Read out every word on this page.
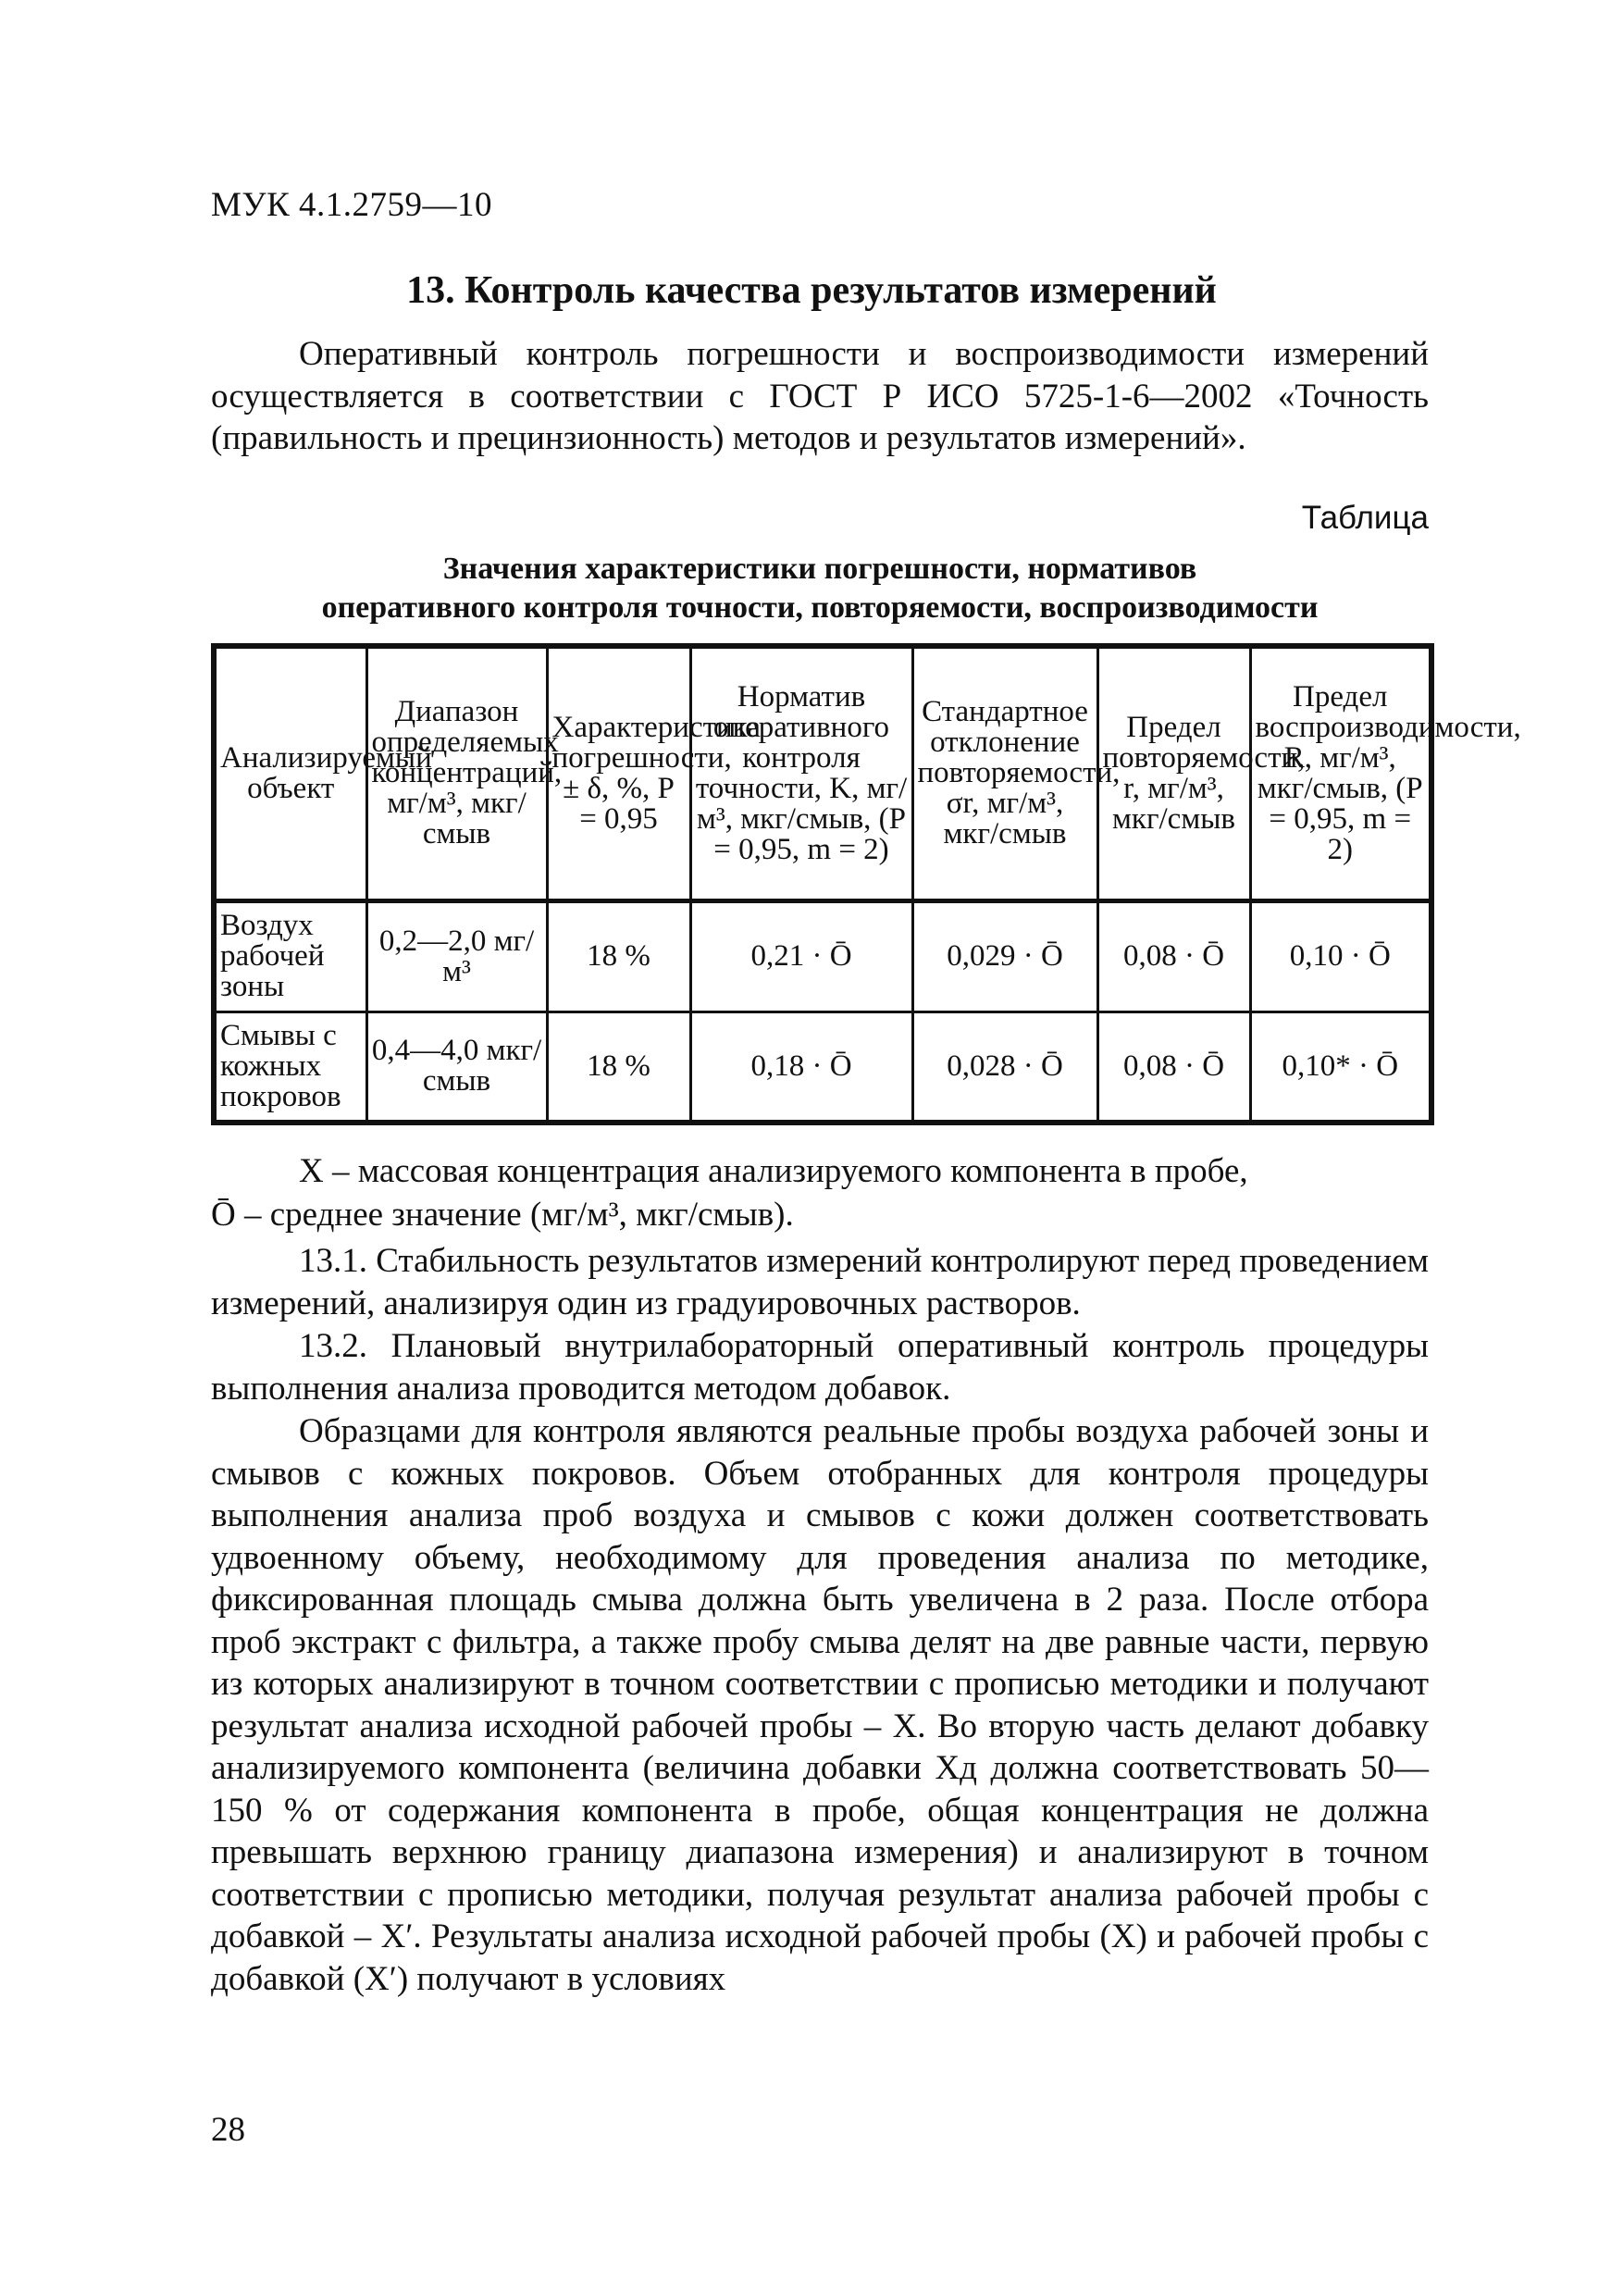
МУК 4.1.2759—10
13. Контроль качества результатов измерений
Оперативный контроль погрешности и воспроизводимости измерений осуществляется в соответствии с ГОСТ Р ИСО 5725-1-6—2002 «Точность (правильность и прецинзионность) методов и результатов измерений».
Таблица
Значения характеристики погрешности, нормативов
оперативного контроля точности, повторяемости, воспроизводимости
Анализируемый объект	Диапазон определяемых концентраций, мг/м³, мкг/смыв	Характеристика погрешности, ± δ, %, P = 0,95	Норматив оперативного контроля точности, K, мг/м³, мкг/смыв, (P = 0,95, m = 2)	Стандартное отклонение повторяемости, σr, мг/м³, мкг/смыв	Предел повторяемости, r, мг/м³, мкг/смыв	Предел воспроизводимости, R, мг/м³, мкг/смыв, (P = 0,95, m = 2)
Воздух рабочей зоны	0,2—2,0 мг/м³	18 %	0,21 · Ō	0,029 · Ō	0,08 · Ō	0,10 · Ō
Смывы с кожных покровов	0,4—4,0 мкг/смыв	18 %	0,18 · Ō	0,028 · Ō	0,08 · Ō	0,10* · Ō
X – массовая концентрация анализируемого компонента в пробе,
Ō – среднее значение (мг/м³, мкг/смыв).
13.1. Стабильность результатов измерений контролируют перед проведением измерений, анализируя один из градуировочных растворов.
13.2. Плановый внутрилабораторный оперативный контроль процедуры выполнения анализа проводится методом добавок.
Образцами для контроля являются реальные пробы воздуха рабочей зоны и смывов с кожных покровов. Объем отобранных для контроля процедуры выполнения анализа проб воздуха и смывов с кожи должен соответствовать удвоенному объему, необходимому для проведения анализа по методике, фиксированная площадь смыва должна быть увеличена в 2 раза. После отбора проб экстракт с фильтра, а также пробу смыва делят на две равные части, первую из которых анализируют в точном соответствии с прописью методики и получают результат анализа исходной рабочей пробы – X. Во вторую часть делают добавку анализируемого компонента (величина добавки Xд должна соответствовать 50—150 % от содержания компонента в пробе, общая концентрация не должна превышать верхнюю границу диапазона измерения) и анализируют в точном соответствии с прописью методики, получая результат анализа рабочей пробы с добавкой – X′. Результаты анализа исходной рабочей пробы (X) и рабочей пробы с добавкой (X′) получают в условиях
28
